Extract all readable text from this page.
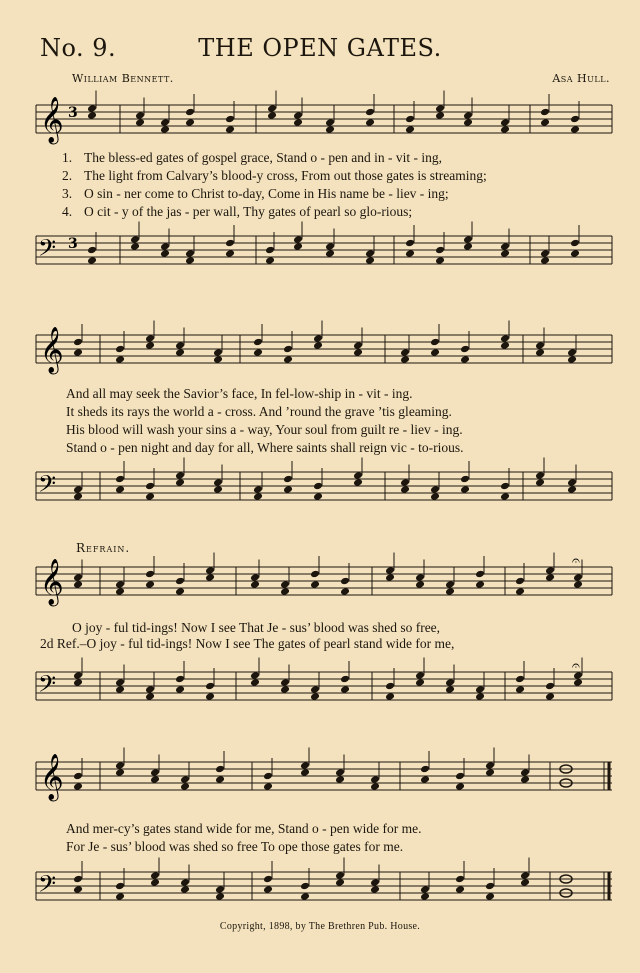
No. 9.	THE OPEN GATES.
William Bennett.	Asa Hull.
𝄞 3
1. The bless-ed gates of gospel grace, Stand o - pen and in - vit - ing,
2. The light from Calvary’s blood-y cross, From out those gates is streaming;
3. O sin - ner come to Christ to-day, Come in His name be - liev - ing;
4. O cit - y of the jas - per wall, Thy gates of pearl so glo-rious;
𝄢 3
𝄞
And all may seek the Savior’s face, In fel-low-ship in - vit - ing.
It sheds its rays the world a - cross. And ’round the grave ’tis gleaming.
His blood will wash your sins a - way, Your soul from guilt re - liev - ing.
Stand o - pen night and day for all, Where saints shall reign vic - to-rious.
𝄢
Refrain.
𝄞	𝄐
O joy - ful tid-ings! Now I see That Je - sus’ blood was shed so free,
2d Ref.–O joy - ful tid-ings! Now I see The gates of pearl stand wide for me,
𝄢
𝄐
𝄞
And mer-cy’s gates stand wide for me, Stand o - pen wide for me.
For Je - sus’ blood was shed so free To ope those gates for me.
𝄢
Copyright, 1898, by The Brethren Pub. House.
